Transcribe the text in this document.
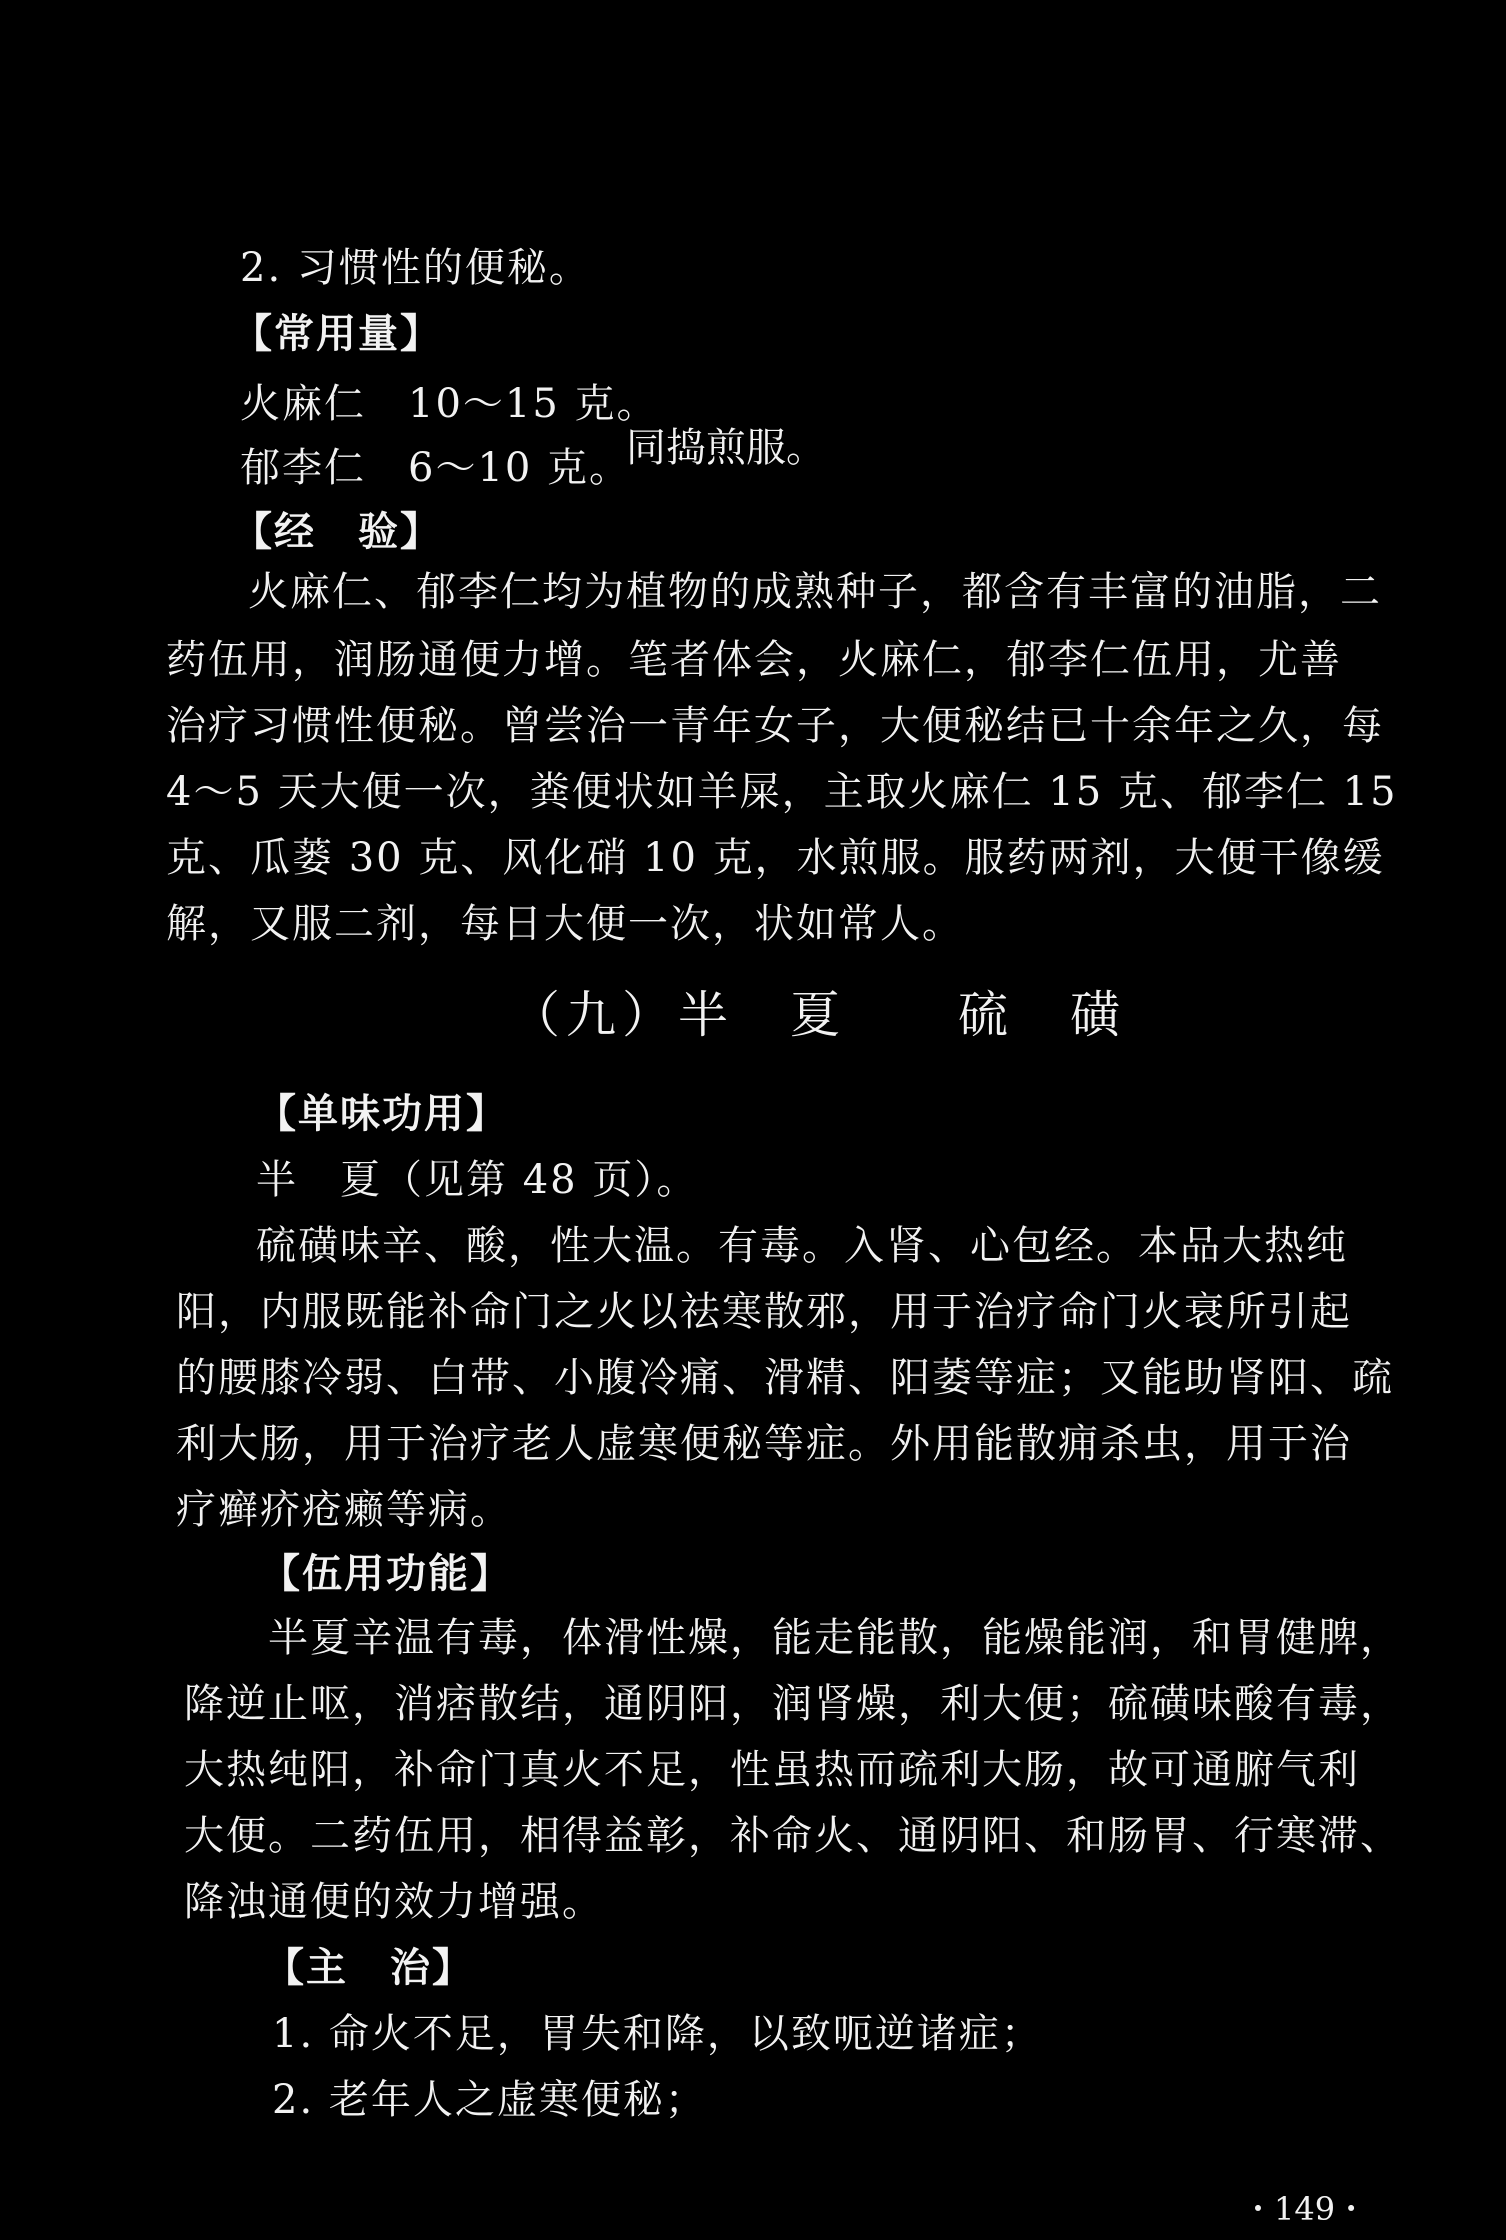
2. 习惯性的便秘。
【常用量】
火麻仁　10～15 克。
郁李仁　6～10 克。
同捣煎服。
【经　验】
火麻仁、郁李仁均为植物的成熟种子，都含有丰富的油脂，二
药伍用，润肠通便力增。笔者体会，火麻仁，郁李仁伍用，尤善
治疗习惯性便秘。曾尝治一青年女子，大便秘结已十余年之久，每
4～5 天大便一次，粪便状如羊屎，主取火麻仁 15 克、郁李仁 15
克、瓜蒌 30 克、风化硝 10 克，水煎服。服药两剂，大便干像缓
解，又服二剂，每日大便一次，状如常人。
（九）半　夏　　硫　磺
【单味功用】
半　夏（见第 48 页）。
硫磺味辛、酸，性大温。有毒。入肾、心包经。本品大热纯
阳，内服既能补命门之火以祛寒散邪，用于治疗命门火衰所引起
的腰膝冷弱、白带、小腹冷痛、滑精、阳萎等症；又能助肾阳、疏
利大肠，用于治疗老人虚寒便秘等症。外用能散痈杀虫，用于治
疗癣疥疮癞等病。
【伍用功能】
半夏辛温有毒，体滑性燥，能走能散，能燥能润，和胃健脾，
降逆止呕，消痞散结，通阴阳，润肾燥，利大便；硫磺味酸有毒，
大热纯阳，补命门真火不足，性虽热而疏利大肠，故可通腑气利
大便。二药伍用，相得益彰，补命火、通阴阳、和肠胃、行寒滞、
降浊通便的效力增强。
【主　治】
1. 命火不足，胃失和降，以致呃逆诸症；
2. 老年人之虚寒便秘；
・149・
